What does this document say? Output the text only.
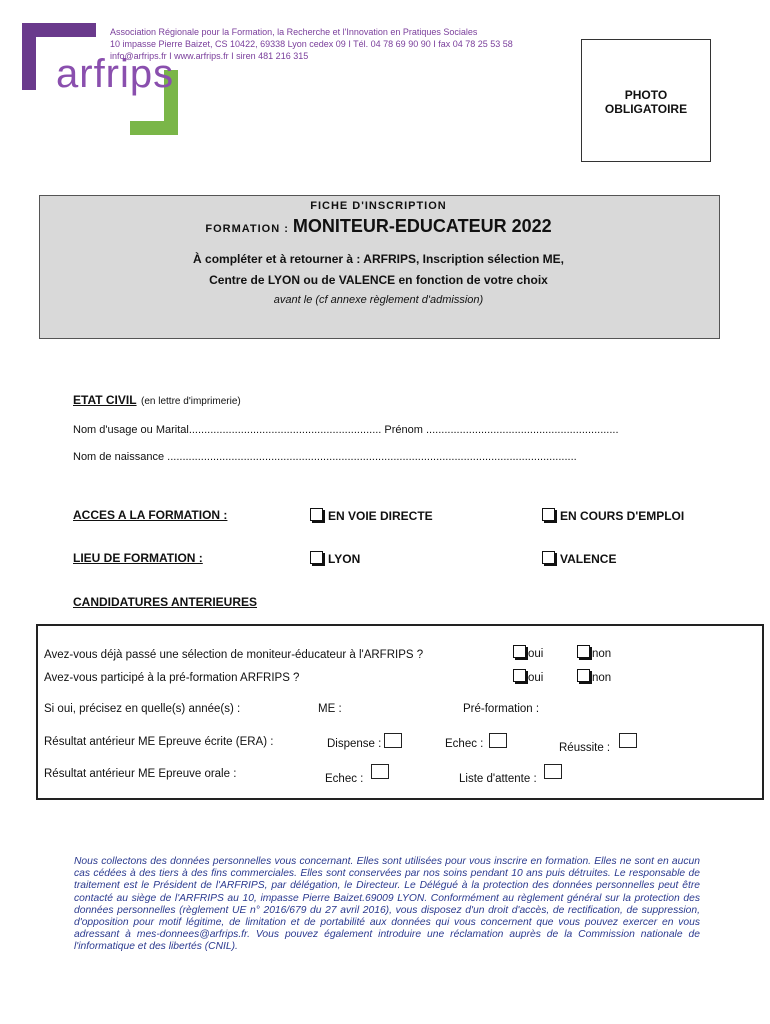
arfrips
Association Régionale pour la Formation, la Recherche et l'Innovation en Pratiques Sociales
10 impasse Pierre Baizet, CS 10422, 69338 Lyon cedex 09 I Tél. 04 78 69 90 90 I fax 04 78 25 53 58
info@arfrips.fr I www.arfrips.fr I siren 481 216 315
PHOTO
OBLIGATOIRE
FICHE D'INSCRIPTION
FORMATION : MONITEUR-EDUCATEUR 2022
À compléter et à retourner à : ARFRIPS, Inscription sélection ME,
Centre de LYON ou de VALENCE en fonction de votre choix
avant le (cf annexe règlement d'admission)
ETAT CIVIL (en lettre d'imprimerie)
Nom d'usage ou Marital............................................................... Prénom ...............................................................
Nom de naissance ......................................................................................................................................
ACCES A LA FORMATION :	EN VOIE DIRECTE	EN COURS D'EMPLOI
LIEU DE FORMATION :	LYON	VALENCE
CANDIDATURES ANTERIEURES
Avez-vous déjà passé une sélection de moniteur-éducateur à l'ARFRIPS ?	oui	non
Avez-vous participé à la pré-formation ARFRIPS ?	oui	non
Si oui, précisez en quelle(s) année(s) :	ME :	Pré-formation :
Résultat antérieur ME Epreuve écrite (ERA) :	Dispense :	Echec :	Réussite :
Résultat antérieur ME Epreuve orale :	Echec :	Liste d'attente :
Nous collectons des données personnelles vous concernant. Elles sont utilisées pour vous inscrire en formation. Elles ne sont en aucun cas cédées à des tiers à des fins commerciales. Elles sont conservées par nos soins pendant 10 ans puis détruites. Le responsable de traitement est le Président de l'ARFRIPS, par délégation, le Directeur. Le Délégué à la protection des données personnelles peut être contacté au siège de l'ARFRIPS au 10, impasse Pierre Baizet.69009 LYON. Conformément au règlement général sur la protection des données personnelles (règlement UE n° 2016/679 du 27 avril 2016), vous disposez d'un droit d'accès, de rectification, de suppression, d'opposition pour motif légitime, de limitation et de portabilité aux données qui vous concernent que vous pouvez exercer en vous adressant à mes-donnees@arfrips.fr. Vous pouvez également introduire une réclamation auprès de la Commission nationale de l'informatique et des libertés (CNIL).
